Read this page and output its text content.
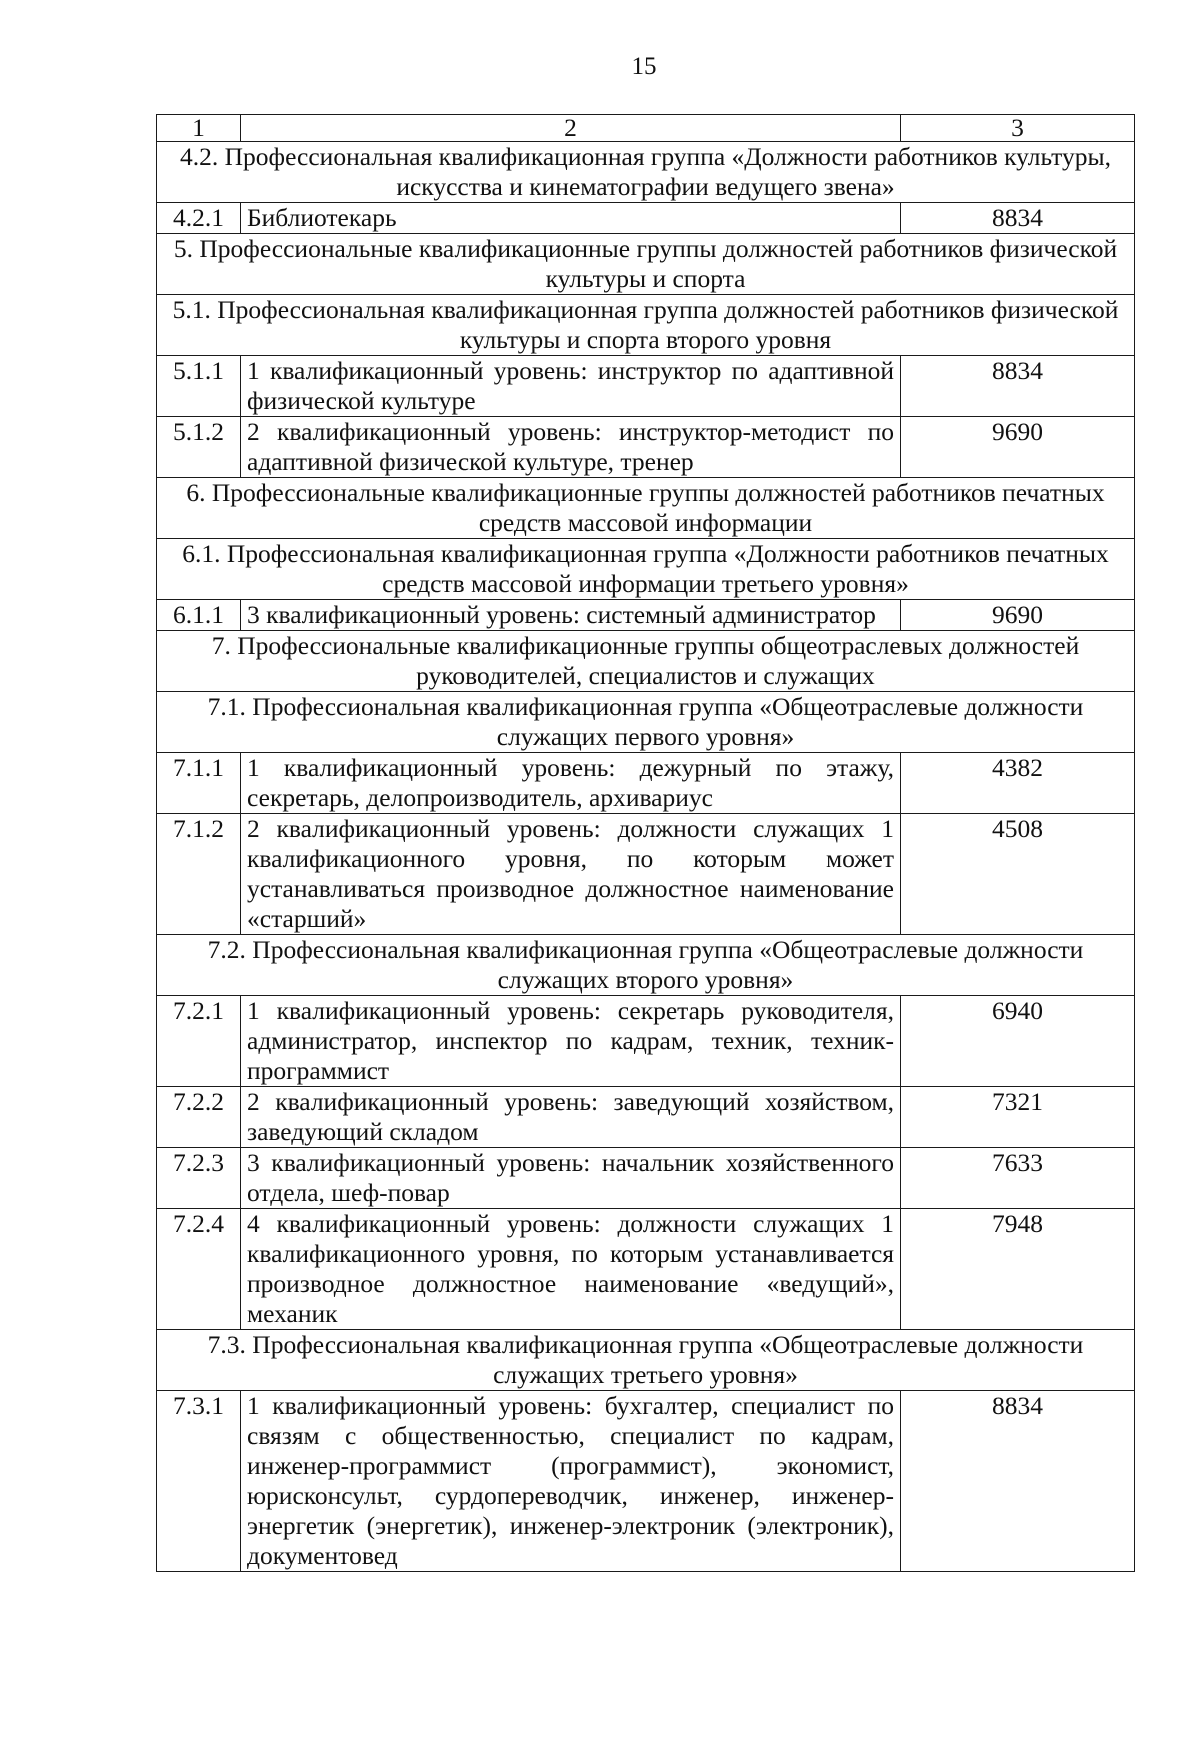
15
1	2	3
4.2. Профессиональная квалификационная группа «Должности работников культуры, искусства и кинематографии ведущего звена»		
4.2.1	Библиотекарь	8834
5. Профессиональные квалификационные группы должностей работников физической культуры и спорта		
5.1. Профессиональная квалификационная группа должностей работников физической культуры и спорта второго уровня		
5.1.1	1 квалификационный уровень: инструктор по адаптивной физической культуре	8834
5.1.2	2 квалификационный уровень: инструктор-методист по адаптивной физической культуре, тренер	9690
6. Профессиональные квалификационные группы должностей работников печатных средств массовой информации		
6.1. Профессиональная квалификационная группа «Должности работников печатных средств массовой информации третьего уровня»		
6.1.1	3 квалификационный уровень: системный администратор	9690
7. Профессиональные квалификационные группы общеотраслевых должностей руководителей, специалистов и служащих		
7.1. Профессиональная квалификационная группа «Общеотраслевые должности служащих первого уровня»		
7.1.1	1 квалификационный уровень: дежурный по этажу, секретарь, делопроизводитель, архивариус	4382
7.1.2	2 квалификационный уровень: должности служащих 1 квалификационного уровня, по которым может устанавливаться производное должностное наименование «старший»	4508
7.2. Профессиональная квалификационная группа «Общеотраслевые должности служащих второго уровня»		
7.2.1	1 квалификационный уровень: секретарь руководителя, администратор, инспектор по кадрам, техник, техник-программист	6940
7.2.2	2 квалификационный уровень: заведующий хозяйством, заведующий складом	7321
7.2.3	3 квалификационный уровень: начальник хозяйственного отдела, шеф-повар	7633
7.2.4	4 квалификационный уровень: должности служащих 1 квалификационного уровня, по которым устанавливается производное должностное наименование «ведущий», механик	7948
7.3. Профессиональная квалификационная группа «Общеотраслевые должности служащих третьего уровня»		
7.3.1	1 квалификационный уровень: бухгалтер, специалист по связям с общественностью, специалист по кадрам, инженер-программист (программист), экономист, юрисконсульт, сурдопереводчик, инженер, инженер-энергетик (энергетик), инженер-электроник (электроник), документовед	8834
